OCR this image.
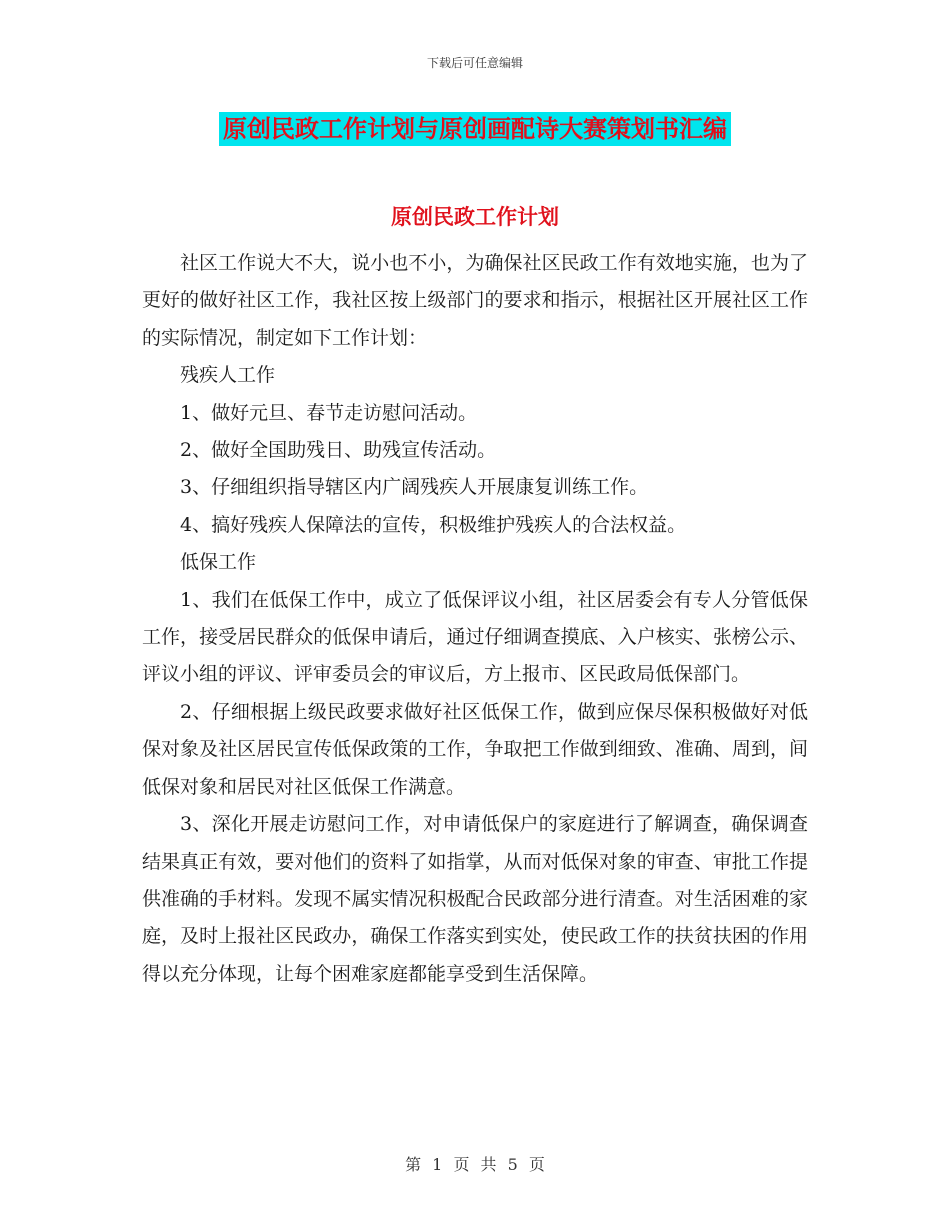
下载后可任意编辑
原创民政工作计划与原创画配诗大赛策划书汇编
原创民政工作计划

社区工作说大不大，说小也不小，为确保社区民政工作有效地实施，也为了更好的做好社区工作，我社区按上级部门的要求和指示，根据社区开展社区工作的实际情况，制定如下工作计划：

残疾人工作

1、做好元旦、春节走访慰问活动。

2、做好全国助残日、助残宣传活动。

3、仔细组织指导辖区内广阔残疾人开展康复训练工作。

4、搞好残疾人保障法的宣传，积极维护残疾人的合法权益。

低保工作

1、我们在低保工作中，成立了低保评议小组，社区居委会有专人分管低保工作，接受居民群众的低保申请后，通过仔细调查摸底、入户核实、张榜公示、评议小组的评议、评审委员会的审议后，方上报市、区民政局低保部门。

2、仔细根据上级民政要求做好社区低保工作，做到应保尽保积极做好对低保对象及社区居民宣传低保政策的工作，争取把工作做到细致、准确、周到，间低保对象和居民对社区低保工作满意。

3、深化开展走访慰问工作，对申请低保户的家庭进行了解调查，确保调查结果真正有效，要对他们的资料了如指掌，从而对低保对象的审查、审批工作提供准确的手材料。发现不属实情况积极配合民政部分进行清查。对生活困难的家庭，及时上报社区民政办，确保工作落实到实处，使民政工作的扶贫扶困的作用得以充分体现，让每个困难家庭都能享受到生活保障。

第 1 页 共 5 页
